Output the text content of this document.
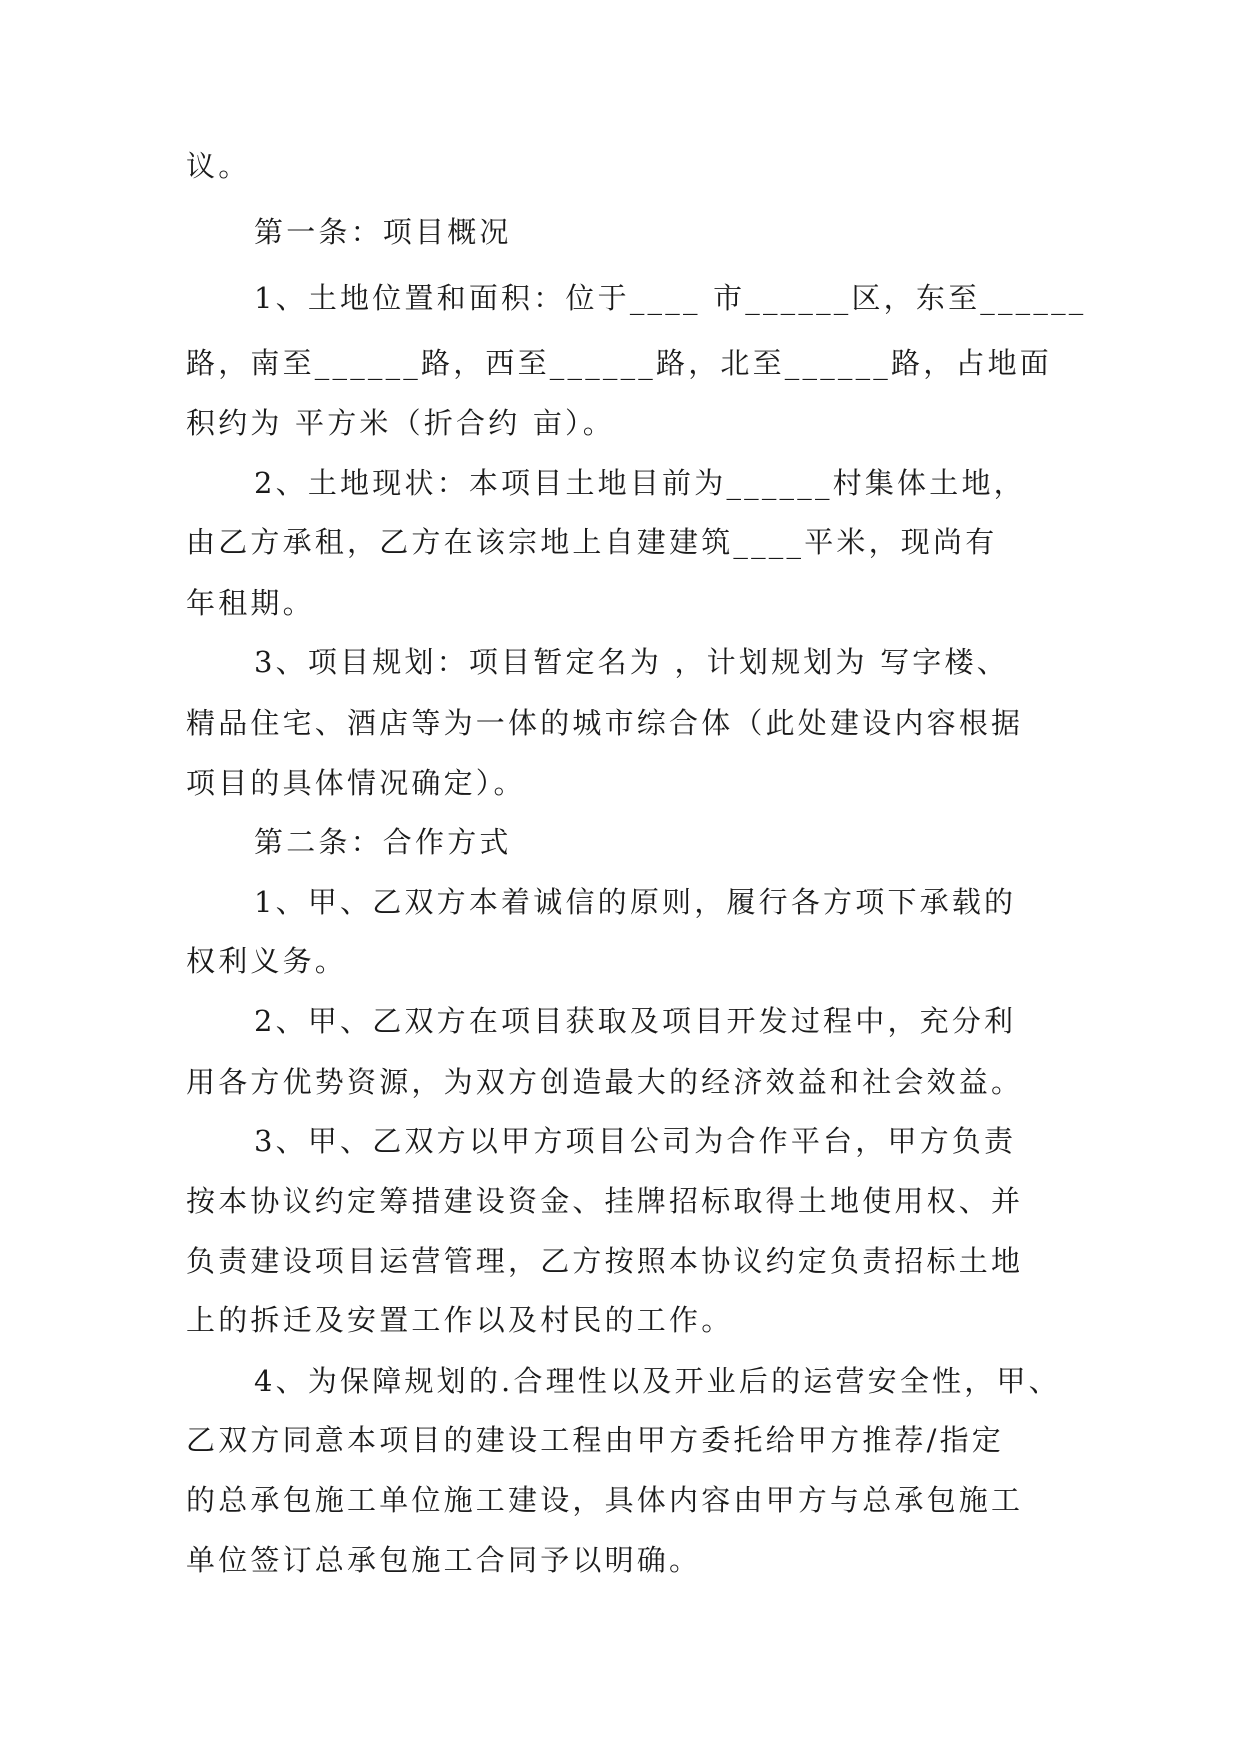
议。
第一条：项目概况
1、土地位置和面积：位于____ 市______区，东至______
路，南至______路，西至______路，北至______路，占地面
积约为 平方米（折合约 亩）。
2、土地现状：本项目土地目前为______村集体土地，
由乙方承租，乙方在该宗地上自建建筑____平米，现尚有
年租期。
3、项目规划：项目暂定名为 ，计划规划为 写字楼、
精品住宅、酒店等为一体的城市综合体（此处建设内容根据
项目的具体情况确定）。
第二条：合作方式
1、甲、乙双方本着诚信的原则，履行各方项下承载的
权利义务。
2、甲、乙双方在项目获取及项目开发过程中，充分利
用各方优势资源，为双方创造最大的经济效益和社会效益。
3、甲、乙双方以甲方项目公司为合作平台，甲方负责
按本协议约定筹措建设资金、挂牌招标取得土地使用权、并
负责建设项目运营管理，乙方按照本协议约定负责招标土地
上的拆迁及安置工作以及村民的工作。
4、为保障规划的.合理性以及开业后的运营安全性，甲、
乙双方同意本项目的建设工程由甲方委托给甲方推荐/指定
的总承包施工单位施工建设，具体内容由甲方与总承包施工
单位签订总承包施工合同予以明确。
